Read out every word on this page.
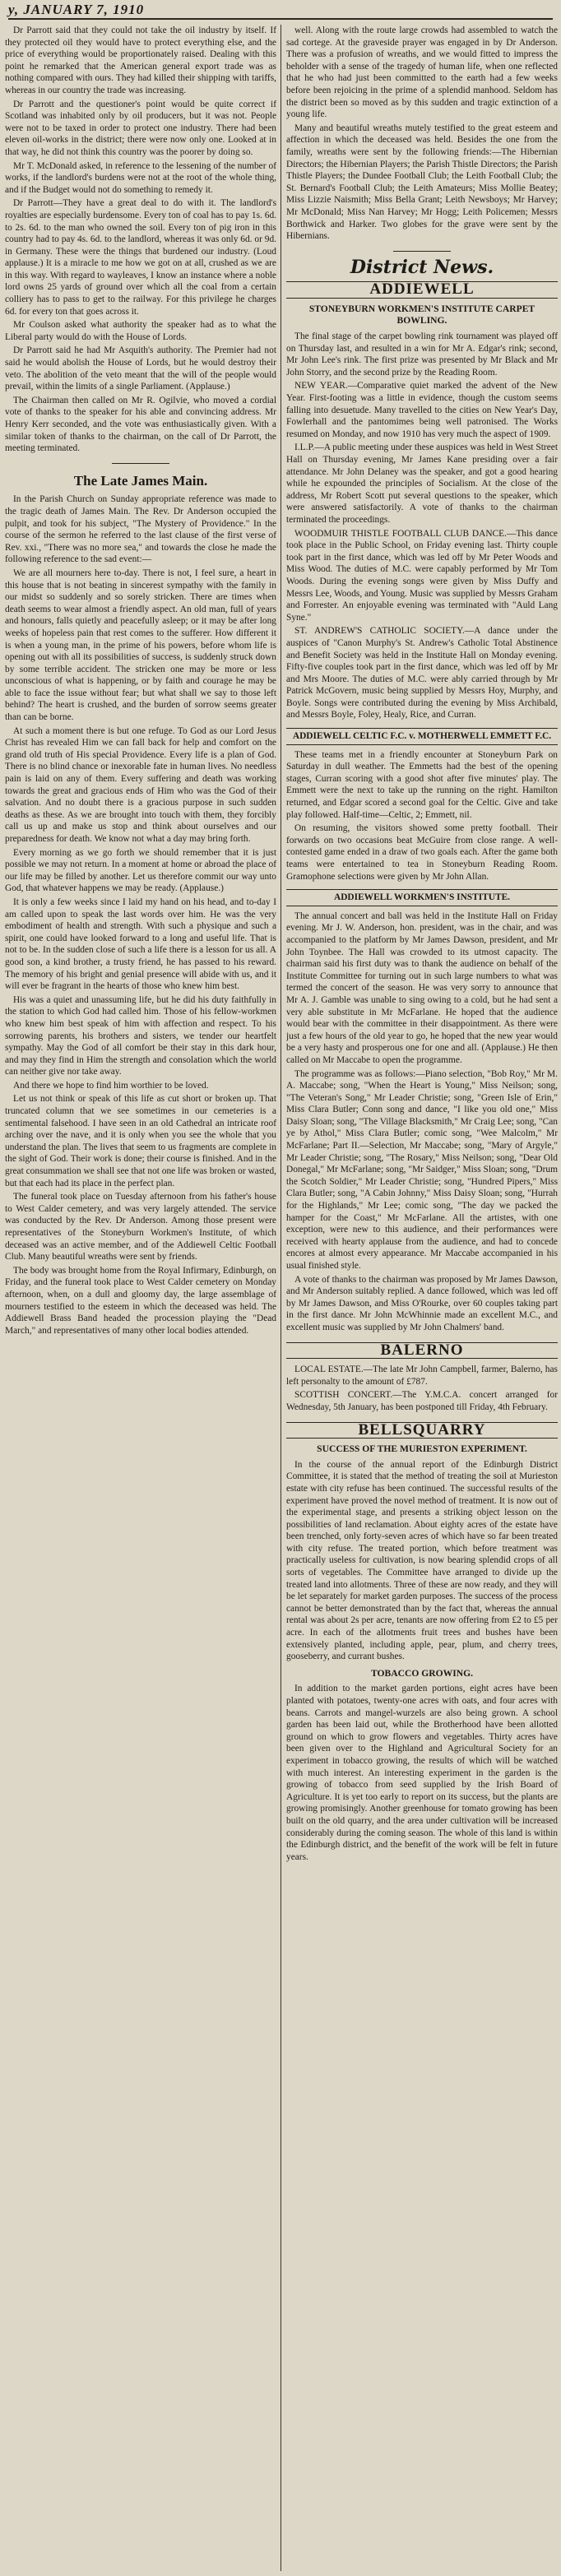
y, JANUARY 7, 1910

Dr Parrott said that they could not take the oil industry by itself. If they protected oil they would have to protect everything else, and the price of everything would be proportionately raised. Dealing with this point he remarked that the American general export trade was as nothing compared with ours. They had killed their shipping with tariffs, whereas in our country the trade was increasing.

Dr Parrott and the questioner's point would be quite correct if Scotland was inhabited only by oil producers, but it was not. People were not to be taxed in order to protect one industry. There had been eleven oil-works in the district; there were now only one. Looked at in that way, he did not think this country was the poorer by doing so.

Mr T. McDonald asked, in reference to the lessening of the number of works, if the landlord's burdens were not at the root of the whole thing, and if the Budget would not do something to remedy it.

Dr Parrott—They have a great deal to do with it. The landlord's royalties are especially burdensome. Every ton of coal has to pay 1s. 6d. to 2s. 6d. to the man who owned the soil. Every ton of pig iron in this country had to pay 4s. 6d. to the landlord, whereas it was only 6d. or 9d. in Germany. These were the things that burdened our industry. (Loud applause.) It is a miracle to me how we got on at all, crushed as we are in this way. With regard to wayleaves, I know an instance where a noble lord owns 25 yards of ground over which all the coal from a certain colliery has to pass to get to the railway. For this privilege he charges 6d. for every ton that goes across it.

Mr Coulson asked what authority the speaker had as to what the Liberal party would do with the House of Lords.

Dr Parrott said he had Mr Asquith's authority. The Premier had not said he would abolish the House of Lords, but he would destroy their veto. The abolition of the veto meant that the will of the people would prevail, within the limits of a single Parliament. (Applause.)

The Chairman then called on Mr R. Ogilvie, who moved a cordial vote of thanks to the speaker for his able and convincing address. Mr Henry Kerr seconded, and the vote was enthusiastically given. With a similar token of thanks to the chairman, on the call of Dr Parrott, the meeting terminated.

The Late James Main.

In the Parish Church on Sunday appropriate reference was made to the tragic death of James Main. The Rev. Dr Anderson occupied the pulpit, and took for his subject, "The Mystery of Providence." In the course of the sermon he referred to the last clause of the first verse of Rev. xxi., "There was no more sea," and towards the close he made the following reference to the sad event:—

We are all mourners here to-day. There is not, I feel sure, a heart in this house that is not beating in sincerest sympathy with the family in our midst so suddenly and so sorely stricken. There are times when death seems to wear almost a friendly aspect. An old man, full of years and honours, falls quietly and peacefully asleep; or it may be after long weeks of hopeless pain that rest comes to the sufferer. How different it is when a young man, in the prime of his powers, before whom life is opening out with all its possibilities of success, is suddenly struck down by some terrible accident. The stricken one may be more or less unconscious of what is happening, or by faith and courage he may be able to face the issue without fear; but what shall we say to those left behind? The heart is crushed, and the burden of sorrow seems greater than can be borne.

At such a moment there is but one refuge. To God as our Lord Jesus Christ has revealed Him we can fall back for help and comfort on the grand old truth of His special Providence. Every life is a plan of God. There is no blind chance or inexorable fate in human lives. No needless pain is laid on any of them. Every suffering and death was working towards the great and gracious ends of Him who was the God of their salvation. And no doubt there is a gracious purpose in such sudden deaths as these. As we are brought into touch with them, they forcibly call us up and make us stop and think about ourselves and our preparedness for death. We know not what a day may bring forth.

Every morning as we go forth we should remember that it is just possible we may not return. In a moment at home or abroad the place of our life may be filled by another. Let us therefore commit our way unto God, that whatever happens we may be ready. (Applause.)

It is only a few weeks since I laid my hand on his head, and to-day I am called upon to speak the last words over him. He was the very embodiment of health and strength. With such a physique and such a spirit, one could have looked forward to a long and useful life. That is not to be. In the sudden close of such a life there is a lesson for us all. A good son, a kind brother, a trusty friend, he has passed to his reward. The memory of his bright and genial presence will abide with us, and it will ever be fragrant in the hearts of those who knew him best.

His was a quiet and unassuming life, but he did his duty faithfully in the station to which God had called him. Those of his fellow-workmen who knew him best speak of him with affection and respect. To his sorrowing parents, his brothers and sisters, we tender our heartfelt sympathy. May the God of all comfort be their stay in this dark hour, and may they find in Him the strength and consolation which the world can neither give nor take away.

And there we hope to find him worthier to be loved.

Let us not think or speak of this life as cut short or broken up. That truncated column that we see sometimes in our cemeteries is a sentimental falsehood. I have seen in an old Cathedral an intricate roof arching over the nave, and it is only when you see the whole that you understand the plan. The lives that seem to us fragments are complete in the sight of God. Their work is done; their course is finished. And in the great consummation we shall see that not one life was broken or wasted, but that each had its place in the perfect plan.

The funeral took place on Tuesday afternoon from his father's house to West Calder cemetery, and was very largely attended. The service was conducted by the Rev. Dr Anderson. Among those present were representatives of the Stoneyburn Workmen's Institute, of which deceased was an active member, and of the Addiewell Celtic Football Club. Many beautiful wreaths were sent by friends.

The body was brought home from the Royal Infirmary, Edinburgh, on Friday, and the funeral took place to West Calder cemetery on Monday afternoon, when, on a dull and gloomy day, the large assemblage of mourners testified to the esteem in which the deceased was held. The Addiewell Brass Band headed the procession playing the "Dead March," and representatives of many other local bodies attended.

well. Along with the route large crowds had assembled to watch the sad cortege. At the graveside prayer was engaged in by Dr Anderson. There was a profusion of wreaths, and we would fitted to impress the beholder with a sense of the tragedy of human life, when one reflected that he who had just been committed to the earth had a few weeks before been rejoicing in the prime of a splendid manhood. Seldom has the district been so moved as by this sudden and tragic extinction of a young life.

Many and beautiful wreaths mutely testified to the great esteem and affection in which the deceased was held. Besides the one from the family, wreaths were sent by the following friends:—The Hibernian Directors; the Hibernian Players; the Parish Thistle Directors; the Parish Thistle Players; the Dundee Football Club; the Leith Football Club; the St. Bernard's Football Club; the Leith Amateurs; Miss Mollie Beatey; Miss Lizzie Naismith; Miss Bella Grant; Leith Newsboys; Mr Harvey; Mr McDonald; Miss Nan Harvey; Mr Hogg; Leith Policemen; Messrs Borthwick and Harker. Two globes for the grave were sent by the Hibernians.

District News.
ADDIEWELL
STONEYBURN WORKMEN'S INSTITUTE CARPET BOWLING.

The final stage of the carpet bowling rink tournament was played off on Thursday last, and resulted in a win for Mr A. Edgar's rink; second, Mr John Lee's rink. The first prize was presented by Mr Black and Mr John Storry, and the second prize by the Reading Room.

NEW YEAR.—Comparative quiet marked the advent of the New Year. First-footing was a little in evidence, though the custom seems falling into desuetude. Many travelled to the cities on New Year's Day, Fowlerhall and the pantomimes being well patronised. The Works resumed on Monday, and now 1910 has very much the aspect of 1909.

I.L.P.—A public meeting under these auspices was held in West Street Hall on Thursday evening, Mr James Kane presiding over a fair attendance. Mr John Delaney was the speaker, and got a good hearing while he expounded the principles of Socialism. At the close of the address, Mr Robert Scott put several questions to the speaker, which were answered satisfactorily. A vote of thanks to the chairman terminated the proceedings.

WOODMUIR THISTLE FOOTBALL CLUB DANCE.—This dance took place in the Public School, on Friday evening last. Thirty couple took part in the first dance, which was led off by Mr Peter Woods and Miss Wood. The duties of M.C. were capably performed by Mr Tom Woods. During the evening songs were given by Miss Duffy and Messrs Lee, Woods, and Young. Music was supplied by Messrs Graham and Forrester. An enjoyable evening was terminated with "Auld Lang Syne."

ST. ANDREW'S CATHOLIC SOCIETY.—A dance under the auspices of "Canon Murphy's St. Andrew's Catholic Total Abstinence and Benefit Society was held in the Institute Hall on Monday evening. Fifty-five couples took part in the first dance, which was led off by Mr and Mrs Moore. The duties of M.C. were ably carried through by Mr Patrick McGovern, music being supplied by Messrs Hoy, Murphy, and Boyle. Songs were contributed during the evening by Miss Archibald, and Messrs Boyle, Foley, Healy, Rice, and Curran.

ADDIEWELL CELTIC F.C. v. MOTHERWELL EMMETT F.C.

These teams met in a friendly encounter at Stoneyburn Park on Saturday in dull weather. The Emmetts had the best of the opening stages, Curran scoring with a good shot after five minutes' play. The Emmett were the next to take up the running on the right. Hamilton returned, and Edgar scored a second goal for the Celtic. Give and take play followed. Half-time—Celtic, 2; Emmett, nil.

On resuming, the visitors showed some pretty football. Their forwards on two occasions beat McGuire from close range. A well-contested game ended in a draw of two goals each. After the game both teams were entertained to tea in Stoneyburn Reading Room. Gramophone selections were given by Mr John Allan.

ADDIEWELL WORKMEN'S INSTITUTE.

The annual concert and ball was held in the Institute Hall on Friday evening. Mr J. W. Anderson, hon. president, was in the chair, and was accompanied to the platform by Mr James Dawson, president, and Mr John Toynbee. The Hall was crowded to its utmost capacity. The chairman said his first duty was to thank the audience on behalf of the Institute Committee for turning out in such large numbers to what was termed the concert of the season. He was very sorry to announce that Mr A. J. Gamble was unable to sing owing to a cold, but he had sent a very able substitute in Mr McFarlane. He hoped that the audience would bear with the committee in their disappointment. As there were just a few hours of the old year to go, he hoped that the new year would be a very hasty and prosperous one for one and all. (Applause.) He then called on Mr Maccabe to open the programme.

The programme was as follows:—Piano selection, "Bob Roy," Mr M. A. Maccabe; song, "When the Heart is Young," Miss Neilson; song, "The Veteran's Song," Mr Leader Christie; song, "Green Isle of Erin," Miss Clara Butler; Conn song and dance, "I like you old one," Miss Daisy Sloan; song, "The Village Blacksmith," Mr Craig Lee; song, "Can ye by Athol," Miss Clara Butler; comic song, "Wee Malcolm," Mr McFarlane; Part II.—Selection, Mr Maccabe; song, "Mary of Argyle," Mr Leader Christie; song, "The Rosary," Miss Neilson; song, "Dear Old Donegal," Mr McFarlane; song, "Mr Saidger," Miss Sloan; song, "Drum the Scotch Soldier," Mr Leader Christie; song, "Hundred Pipers," Miss Clara Butler; song, "A Cabin Johnny," Miss Daisy Sloan; song, "Hurrah for the Highlands," Mr Lee; comic song, "The day we packed the hamper for the Coast," Mr McFarlane. All the artistes, with one exception, were new to this audience, and their performances were received with hearty applause from the audience, and had to concede encores at almost every appearance. Mr Maccabe accompanied in his usual finished style.

A vote of thanks to the chairman was proposed by Mr James Dawson, and Mr Anderson suitably replied. A dance followed, which was led off by Mr James Dawson, and Miss O'Rourke, over 60 couples taking part in the first dance. Mr John McWhinnie made an excellent M.C., and excellent music was supplied by Mr John Chalmers' band.

BALERNO

LOCAL ESTATE.—The late Mr John Campbell, farmer, Balerno, has left personalty to the amount of £787.

SCOTTISH CONCERT.—The Y.M.C.A. concert arranged for Wednesday, 5th January, has been postponed till Friday, 4th February.

BELLSQUARRY
SUCCESS OF THE MURIESTON EXPERIMENT.

In the course of the annual report of the Edinburgh District Committee, it is stated that the method of treating the soil at Murieston estate with city refuse has been continued. The successful results of the experiment have proved the novel method of treatment. It is now out of the experimental stage, and presents a striking object lesson on the possibilities of land reclamation. About eighty acres of the estate have been trenched, only forty-seven acres of which have so far been treated with city refuse. The treated portion, which before treatment was practically useless for cultivation, is now bearing splendid crops of all sorts of vegetables. The Committee have arranged to divide up the treated land into allotments. Three of these are now ready, and they will be let separately for market garden purposes. The success of the process cannot be better demonstrated than by the fact that, whereas the annual rental was about 2s per acre, tenants are now offering from £2 to £5 per acre. In each of the allotments fruit trees and bushes have been extensively planted, including apple, pear, plum, and cherry trees, gooseberry, and currant bushes.

TOBACCO GROWING.

In addition to the market garden portions, eight acres have been planted with potatoes, twenty-one acres with oats, and four acres with beans. Carrots and mangel-wurzels are also being grown. A school garden has been laid out, while the Brotherhood have been allotted ground on which to grow flowers and vegetables. Thirty acres have been given over to the Highland and Agricultural Society for an experiment in tobacco growing, the results of which will be watched with much interest. An interesting experiment in the garden is the growing of tobacco from seed supplied by the Irish Board of Agriculture. It is yet too early to report on its success, but the plants are growing promisingly. Another greenhouse for tomato growing has been built on the old quarry, and the area under cultivation will be increased considerably during the coming season. The whole of this land is within the Edinburgh district, and the benefit of the work will be felt in future years.
